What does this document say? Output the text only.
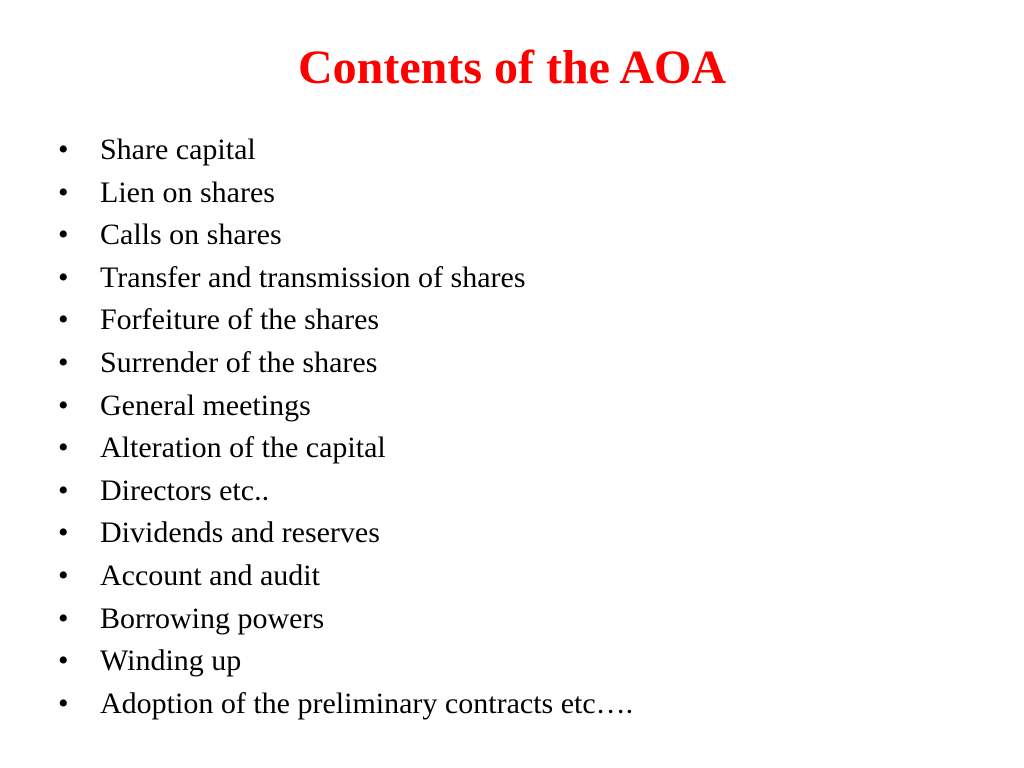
Contents of the AOA
•	Share capital
•	Lien on shares
•	Calls on shares
•	Transfer and transmission of shares
•	Forfeiture of the shares
•	Surrender of the shares
•	General meetings
•	Alteration of the capital
•	Directors etc..
•	Dividends and reserves
•	Account and audit
•	Borrowing powers
•	Winding up
•	Adoption of the preliminary contracts etc….
